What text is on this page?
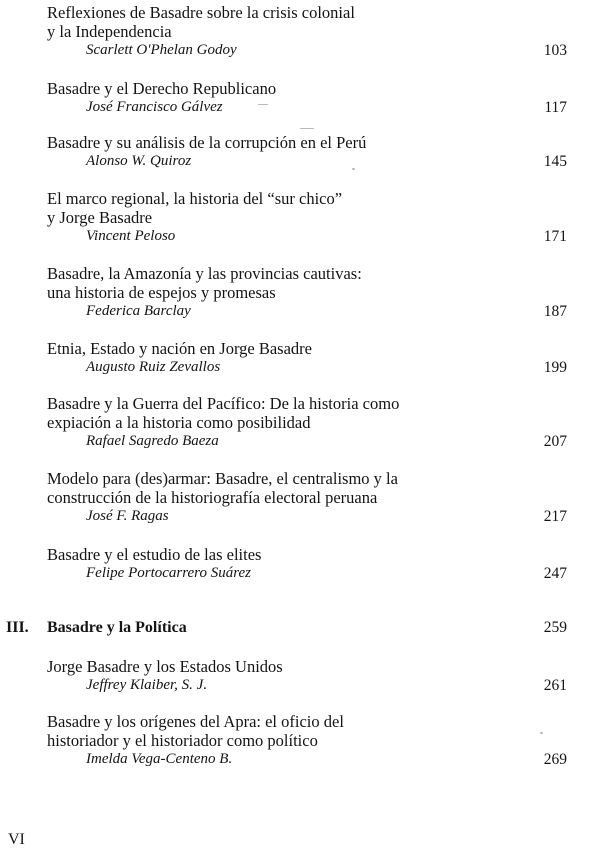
Reflexiones de Basadre sobre la crisis colonial
y la Independencia
Scarlett O'Phelan Godoy	103
Basadre y el Derecho Republicano
José Francisco Gálvez	117
Basadre y su análisis de la corrupción en el Perú
Alonso W. Quiroz	145
El marco regional, la historia del “sur chico”
y Jorge Basadre
Vincent Peloso	171
Basadre, la Amazonía y las provincias cautivas:
una historia de espejos y promesas
Federica Barclay	187
Etnia, Estado y nación en Jorge Basadre
Augusto Ruiz Zevallos	199
Basadre y la Guerra del Pacífico: De la historia como
expiación a la historia como posibilidad
Rafael Sagredo Baeza	207
Modelo para (des)armar: Basadre, el centralismo y la
construcción de la historiografía electoral peruana
José F. Ragas	217
Basadre y el estudio de las elites
Felipe Portocarrero Suárez	247
III. Basadre y la Política	259
Jorge Basadre y los Estados Unidos
Jeffrey Klaiber, S. J.	261
Basadre y los orígenes del Apra: el oficio del
historiador y el historiador como político
Imelda Vega-Centeno B.	269
VI
